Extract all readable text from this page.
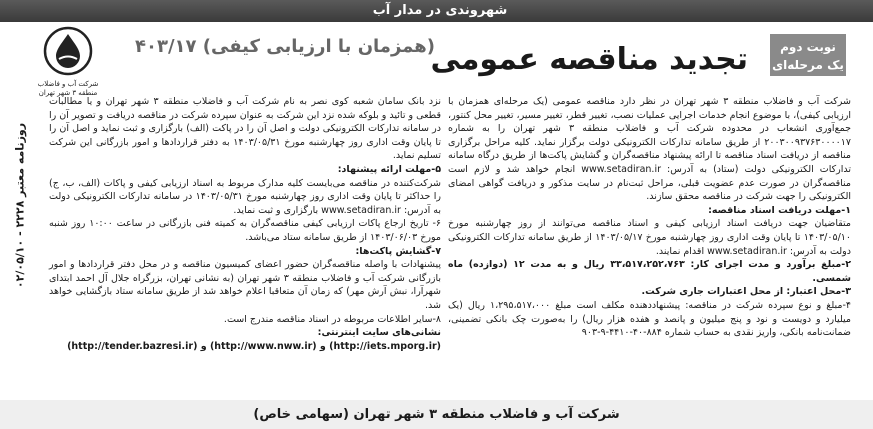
شهروندی در مدار آب
روزنامه معتبر ۲۲۲۸ - ۰۲/۰۵/۱۰
شرکت آب و فاضلاب
منطقه ۳ شهر تهران
نوبت دوم
یک مرحله‌ای
تجدید مناقصه عمومی
(همزمان با ارزیابی کیفی) ۴۰۳/۱۷

شرکت آب و فاضلاب منطقه ۳ شهر تهران در نظر دارد مناقصه عمومی (یک مرحله‌ای همزمان با ارزیابی کیفی)، با موضوع انجام خدمات اجرایی عملیات نصب، تغییر قطر، تغییر مسیر، تغییر محل کنتور، جمع‌آوری انشعاب در محدوده شرکت آب و فاضلاب منطقه ۳ شهر تهران را به شماره ۲۰۰۳۰۰۹۳۷۶۳۰۰۰۰۱۷ از طریق سامانه تدارکات الکترونیکی دولت برگزار نماید. کلیه مراحل برگزاری مناقصه از دریافت اسناد مناقصه تا ارائه پیشنهاد مناقصه‌گران و گشایش پاکت‌ها از طریق درگاه سامانه تدارکات الکترونیکی دولت (ستاد) به آدرس: www.setadiran.ir انجام خواهد شد و لازم است مناقصه‌گران در صورت عدم عضویت قبلی، مراحل ثبت‌نام در سایت مذکور و دریافت گواهی امضای الکترونیکی را جهت شرکت در مناقصه محقق سازند.

۱-مهلت دریافت اسناد مناقصه:

متقاضیان جهت دریافت اسناد ارزیابی کیفی و اسناد مناقصه می‌توانند از روز چهارشنبه مورخ ۱۴۰۳/۰۵/۱۰ تا پایان وقت اداری روز چهارشنبه مورخ ۱۴۰۳/۰۵/۱۷ از طریق سامانه تدارکات الکترونیکی دولت به آدرس: www.setadiran.ir اقدام نمایند.

۲-مبلغ برآورد و مدت اجرای کار: ۳۳،۵۱۷،۲۵۲،۷۶۳ ریال و به مدت ۱۲ (دوازده) ماه شمسی.

۳-محل اعتبار: از محل اعتبارات جاری شرکت.

۴-مبلغ و نوع سپرده شرکت در مناقصه: پیشنهاددهنده مکلف است مبلغ ۱،۲۹۵،۵۱۷،۰۰۰ ریال (یک میلیارد و دویست و نود و پنج میلیون و پانصد و هفده هزار ریال) را به‌صورت چک بانکی تضمینی، ضمانت‌نامه بانکی، واریز نقدی به حساب شماره ۸۸۴-۴۰-۴۴۱۰-۹-۹۰۳

نزد بانک سامان شعبه کوی نصر به نام شرکت آب و فاضلاب منطقه ۳ شهر تهران و یا مطالبات قطعی و تائید و بلوکه شده نزد این شرکت به عنوان سپرده شرکت در مناقصه دریافت و تصویر آن را در سامانه تدارکات الکترونیکی دولت و اصل آن را در پاکت (الف) بارگزاری و ثبت نماید و اصل آن را تا پایان وقت اداری روز چهارشنبه مورخ ۱۴۰۳/۰۵/۳۱ به دفتر قراردادها و امور بازرگانی این شرکت تسلیم نماید.

۵-مهلت ارائه پیشنهاد:

شرکت‌کننده در مناقصه می‌بایست کلیه مدارک مربوط به اسناد ارزیابی کیفی و پاکات (الف، ب، ج) را حداکثر تا پایان وقت اداری روز چهارشنبه مورخ ۱۴۰۳/۰۵/۳۱ در سامانه تدارکات الکترونیکی دولت به آدرس: www.setadiran.ir بارگزاری و ثبت نماید.

۶- تاریخ ارجاع پاکات ارزیابی کیفی مناقصه‌گران به کمیته فنی بازرگانی در ساعت ۱۰:۰۰ روز شنبه مورخ ۱۴۰۳/۰۶/۰۳ از طریق سامانه ستاد می‌باشد.

۷-گشایش پاکت‌ها:

پیشنهادات با واصله مناقصه‌گران حضور اعضای کمیسیون مناقصه و در محل دفتر قراردادها و امور بازرگانی شرکت آب و فاضلاب منطقه ۳ شهر تهران (به نشانی تهران، بزرگراه جلال آل احمد ابتدای شهرآرا، نبش آرش مهر) که زمان آن متعاقبا اعلام خواهد شد از طریق سامانه ستاد بازگشایی خواهد شد.

۸-سایر اطلاعات مربوطه در اسناد مناقصه مندرج است.

نشانی‌های سایت اینترنتی:

(http://iets.mporg.ir) و (http://www.nww.ir) و (http://tender.bazresi.ir)

شرکت آب و فاضلاب منطقه ۳ شهر تهران (سهامی خاص)
